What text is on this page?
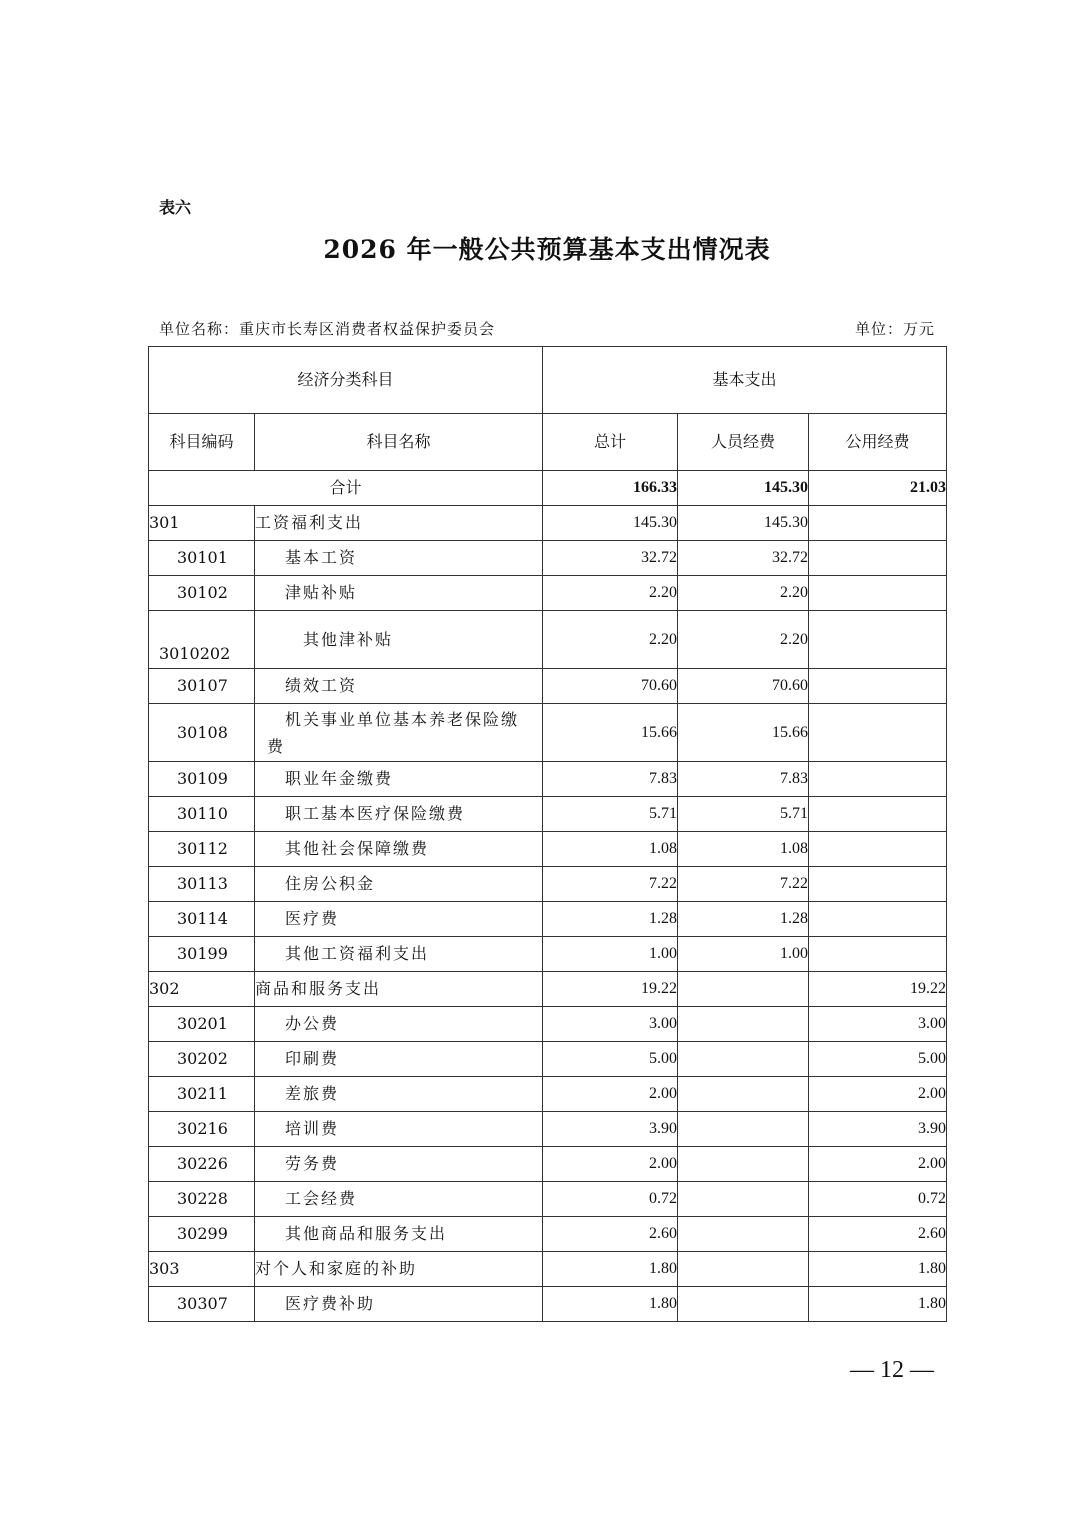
表六
2026 年一般公共预算基本支出情况表
单位名称：重庆市长寿区消费者权益保护委员会	单位：万元
经济分类科目		基本支出		
科目编码	科目名称	总计	人员经费	公用经费
合计		166.33	145.30	21.03
301	工资福利支出	145.30	145.30	
30101	基本工资	32.72	32.72	
30102	津贴补贴	2.20	2.20	
3010202	其他津补贴	2.20	2.20	
30107	绩效工资	70.60	70.60	
30108	机关事业单位基本养老保险缴费	15.66	15.66	
30109	职业年金缴费	7.83	7.83	
30110	职工基本医疗保险缴费	5.71	5.71	
30112	其他社会保障缴费	1.08	1.08	
30113	住房公积金	7.22	7.22	
30114	医疗费	1.28	1.28	
30199	其他工资福利支出	1.00	1.00	
302	商品和服务支出	19.22		19.22
30201	办公费	3.00		3.00
30202	印刷费	5.00		5.00
30211	差旅费	2.00		2.00
30216	培训费	3.90		3.90
30226	劳务费	2.00		2.00
30228	工会经费	0.72		0.72
30299	其他商品和服务支出	2.60		2.60
303	对个人和家庭的补助	1.80		1.80
30307	医疗费补助	1.80		1.80
— 12 —
